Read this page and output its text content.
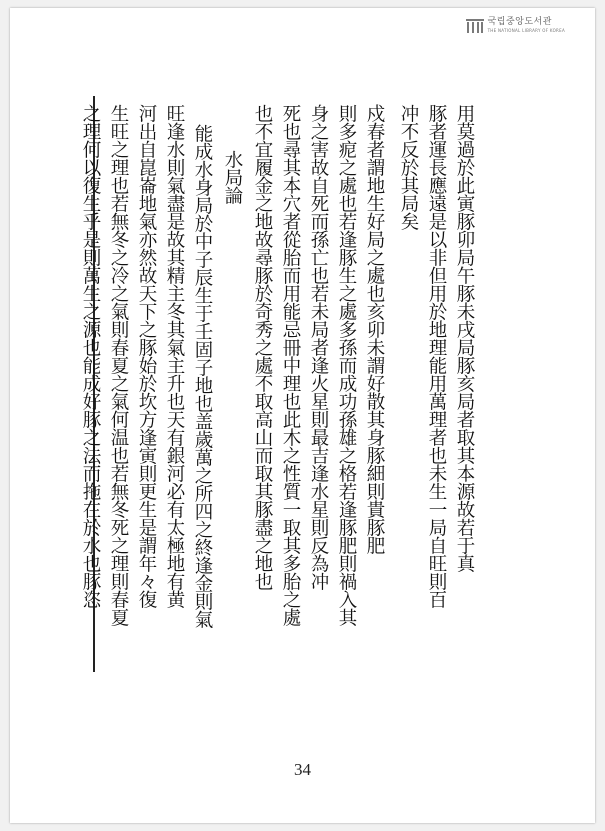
국립중앙도서관
THE NATIONAL LIBRARY OF KOREA
用莫過於此寅豚卯局午豚未戌局豚亥局者取其本源故若于真
豚者運長應遠是以非但用於地理能用萬理者也未生一局自旺則百
冲不反於其局矣
戍春者謂地生好局之處也亥卯未謂好散其身豚細則貴豚肥
則多痆之處也若逢豚生之處多孫而成功孫雄之格若逢豚肥則禍入其
身之害故自死而孫亡也若未局者逢火星則最吉逢水星則反為冲
死也尋其本穴者從胎而用能忌冊中理也此木之性質一取其多胎之處
也不宜履金之地故尋豚於奇秀之處不取高山而取其豚盡之地也
水局論
能成水身局於中子辰生于壬固子地也盖歲萬之所四之終逢金則氣
旺逢水則氣盡是故其精主冬其氣主升也天有銀河必有太極地有黄
河出自崑崙地氣亦然故天下之豚始於坎方逢寅則更生是謂年々復
生旺之理也若無冬之冷之氣則春夏之氣何温也若無冬死之理則春夏
之理何以復生乎是則萬生之源也能成好豚之法而拖在於水也豚恣
34
